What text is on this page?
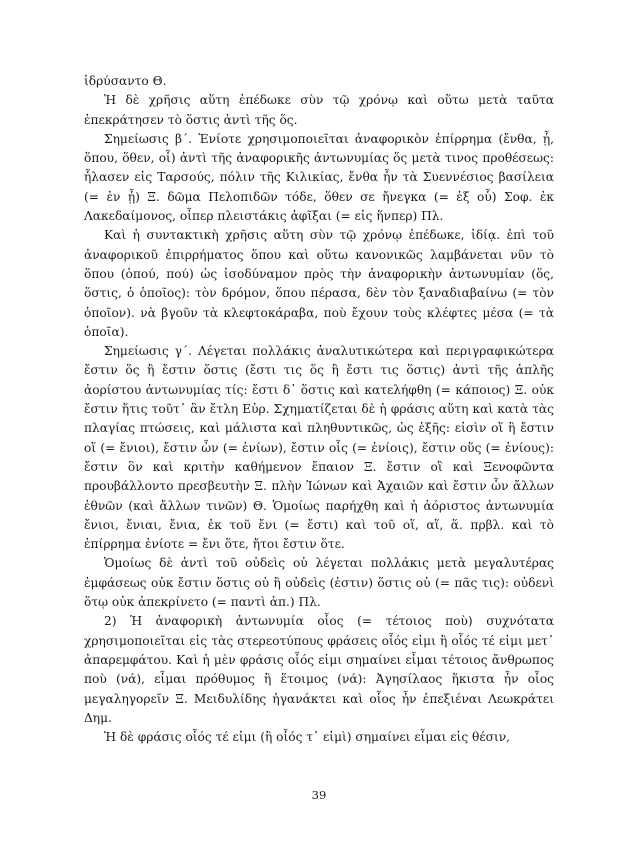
ἱδρύσαντο Θ.

Ἡ δὲ χρῆσις αὕτη ἐπέδωκε σὺν τῷ χρόνῳ καὶ οὕτω μετὰ ταῦτα ἐπεκράτησεν τὸ ὅστις ἀντὶ τῆς ὅς.

Σημείωσις β΄. Ἐνίοτε χρησιμοποιεῖται ἀναφορικὸν ἐπίρρημα (ἔνθα, ᾗ, ὅπου, ὅθεν, οἷ) ἀντὶ τῆς ἀναφορικῆς ἀντωνυμίας ὅς μετὰ τινος προθέσεως: ἧλασεν εἰς Ταρσούς, πόλιν τῆς Κιλικίας, ἔνθα ἦν τὰ Συεννέσιος βασίλεια (= ἐν ᾗ) Ξ. δῶμα Πελοπιδῶν τόδε, ὅθεν σε ἤνεγκα (= ἐξ οὗ) Σοφ. ἐκ Λακεδαίμονος, οἷπερ πλειστάκις ἀφῖξαι (= εἰς ἥνπερ) Πλ.

Καὶ ἡ συντακτικὴ χρῆσις αὕτη σὺν τῷ χρόνῳ ἐπέδωκε, ἰδίᾳ. ἐπὶ τοῦ ἀναφορικοῦ ἐπιρρήματος ὅπου καὶ οὕτω κανονικῶς λαμβάνεται νῦν τὸ ὅπου (ὁπού, πού) ὡς ἰσοδύναμον πρὸς τὴν ἀναφορικὴν ἀντωνυμίαν (ὅς, ὅστις, ὁ ὁποῖος): τὸν δρόμον, ὅπου πέρασα, δὲν τὸν ξαναδιαβαίνω (= τὸν ὁποῖον). νὰ βγοῦν τὰ κλεφτοκάραβα, ποὺ ἔχουν τοὺς κλέφτες μέσα (= τὰ ὁποῖα).

Σημείωσις γ΄. Λέγεται πολλάκις ἀναλυτικώτερα καὶ περιγραφικώτερα ἔστιν ὅς ἢ ἔστιν ὅστις (ἔστι τις ὅς ἢ ἔστι τις ὅστις) ἀντὶ τῆς ἁπλῆς ἀορίστου ἀντωνυμίας τίς: ἔστι δ᾽ ὅστις καὶ κατελήφθη (= κάποιος) Ξ. οὐκ ἔστιν ἥτις τοῦτ᾽ ἂν ἔτλη Εὐρ. Σχηματίζεται δὲ ἡ φράσις αὕτη καὶ κατὰ τὰς πλαγίας πτώσεις, καὶ μάλιστα καὶ πληθυντικῶς, ὡς ἑξῆς: εἰσὶν οἵ ἢ ἔστιν οἵ (= ἔνιοι), ἔστιν ὧν (= ἐνίων), ἔστιν οἷς (= ἐνίοις), ἔστιν οὕς (= ἐνίους): ἔστιν ὃν καὶ κριτὴν καθήμενον ἔπαιον Ξ. ἔστιν οἳ καὶ Ξενοφῶντα προυβάλλοντο πρεσβευτὴν Ξ. πλὴν Ἰώνων καὶ Ἀχαιῶν καὶ ἔστιν ὧν ἄλλων ἐθνῶν (καὶ ἄλλων τινῶν) Θ. Ὁμοίως παρήχθη καὶ ἡ ἀόριστος ἀντωνυμία ἔνιοι, ἔνιαι, ἔνια, ἐκ τοῦ ἔνι (= ἔστι) καὶ τοῦ οἵ, αἵ, ἅ. πρβλ. καὶ τὸ ἐπίρρημα ἐνίοτε = ἔνι ὅτε, ἤτοι ἔστιν ὅτε.

Ὁμοίως δὲ ἀντὶ τοῦ οὐδεὶς οὐ λέγεται πολλάκις μετὰ μεγαλυτέρας ἐμφάσεως οὐκ ἔστιν ὅστις οὐ ἢ οὐδεὶς (ἐστιν) ὅστις οὐ (= πᾶς τις): οὐδενὶ ὅτῳ οὐκ ἀπεκρίνετο (= παντὶ ἀπ.) Πλ.

2) Ἡ ἀναφορικὴ ἀντωνυμία οἷος (= τέτοιος ποὺ) συχνότατα χρησιμοποιεῖται εἰς τὰς στερεοτύπους φράσεις οἷός εἰμι ἢ οἷός τέ εἰμι μετ᾽ ἀπαρεμφάτου. Καὶ ἡ μὲν φράσις οἷός εἰμι σημαίνει εἶμαι τέτοιος ἄνθρωπος ποὺ (νά), εἶμαι πρόθυμος ἢ ἕτοιμος (νά): Ἀγησίλαος ἥκιστα ἦν οἷος μεγαληγορεῖν Ξ. Μειδυλίδης ἠγανάκτει καὶ οἷος ἦν ἐπεξιέναι Λεωκράτει Δημ.

Ἡ δὲ φράσις οἷός τέ εἰμι (ἢ οἷός τ᾽ εἰμὶ) σημαίνει εἶμαι εἰς θέσιν,

39
